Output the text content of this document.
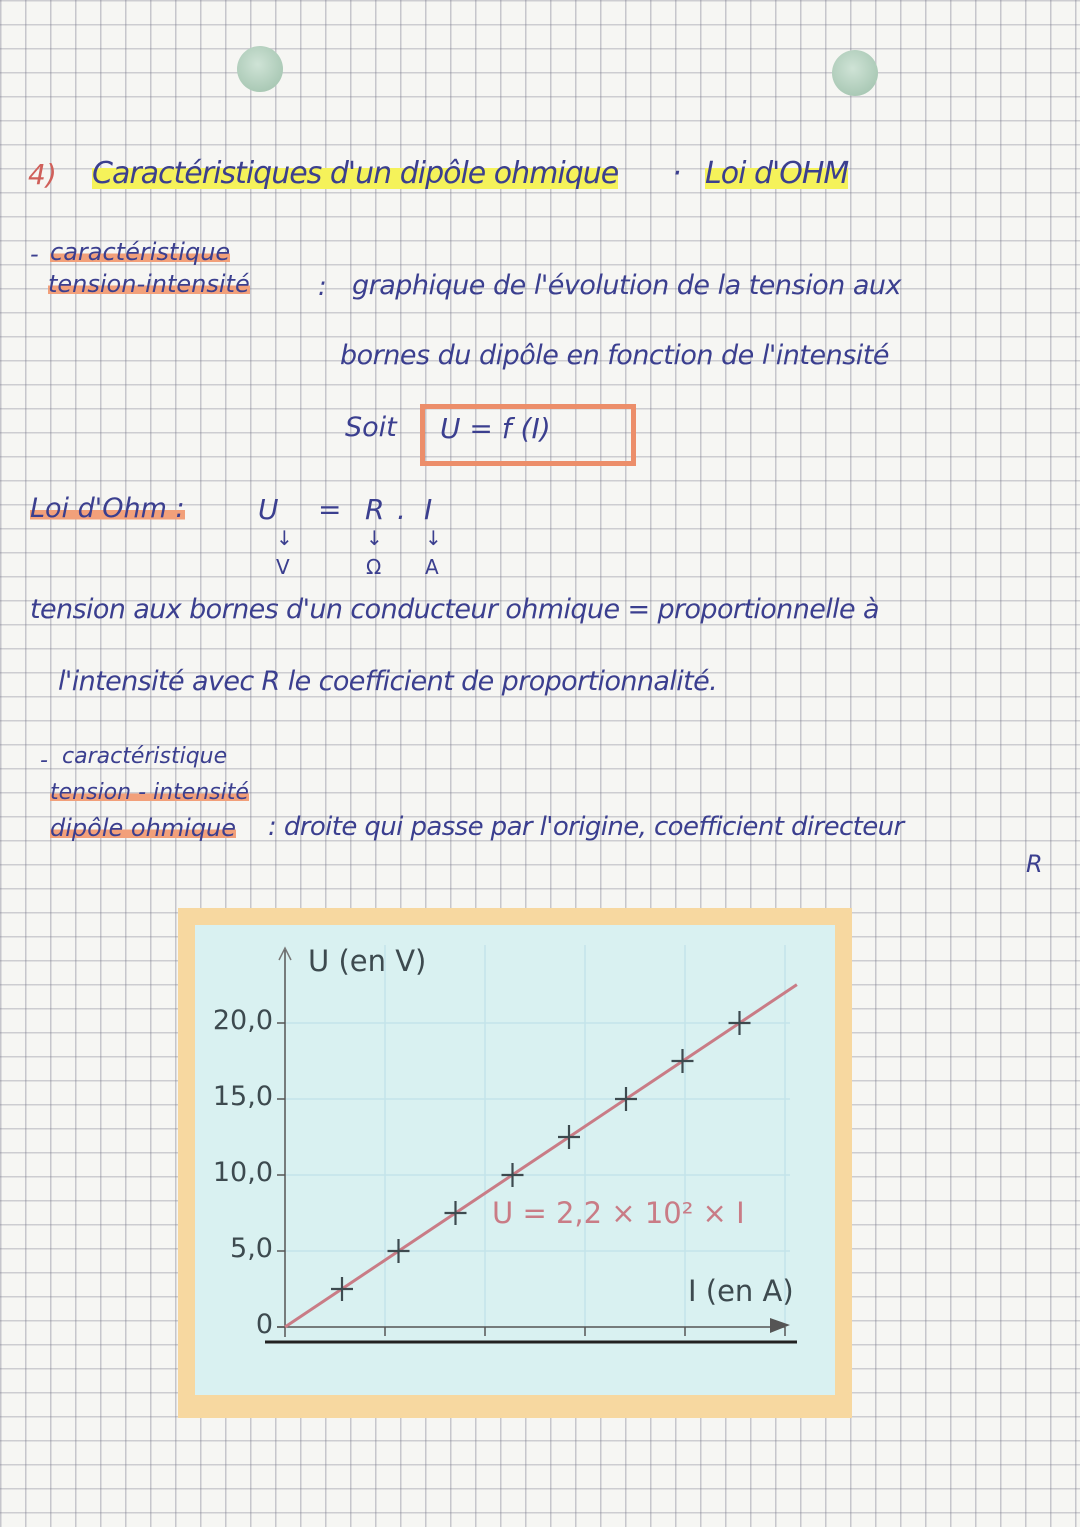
4) Caractéristiques d'un dipôle ohmique · Loi d'OHM
- caractéristique
tension-intensité	: graphique de l'évolution de la tension aux
bornes du dipôle en fonction de l'intensité
Soit U = f (I)
Loi d'Ohm :	U = R . I
↓	↓ ↓
V	Ω A
tension aux bornes d'un conducteur ohmique = proportionnelle à
l'intensité avec R le coefficient de proportionnalité.
- caractéristique
tension - intensité
dipôle ohmique : droite qui passe par l'origine, coefficient directeur
R
0
5,0
10,0
15,0
20,0
U (en V)
I (en A)
U = 2,2 × 10² × I
